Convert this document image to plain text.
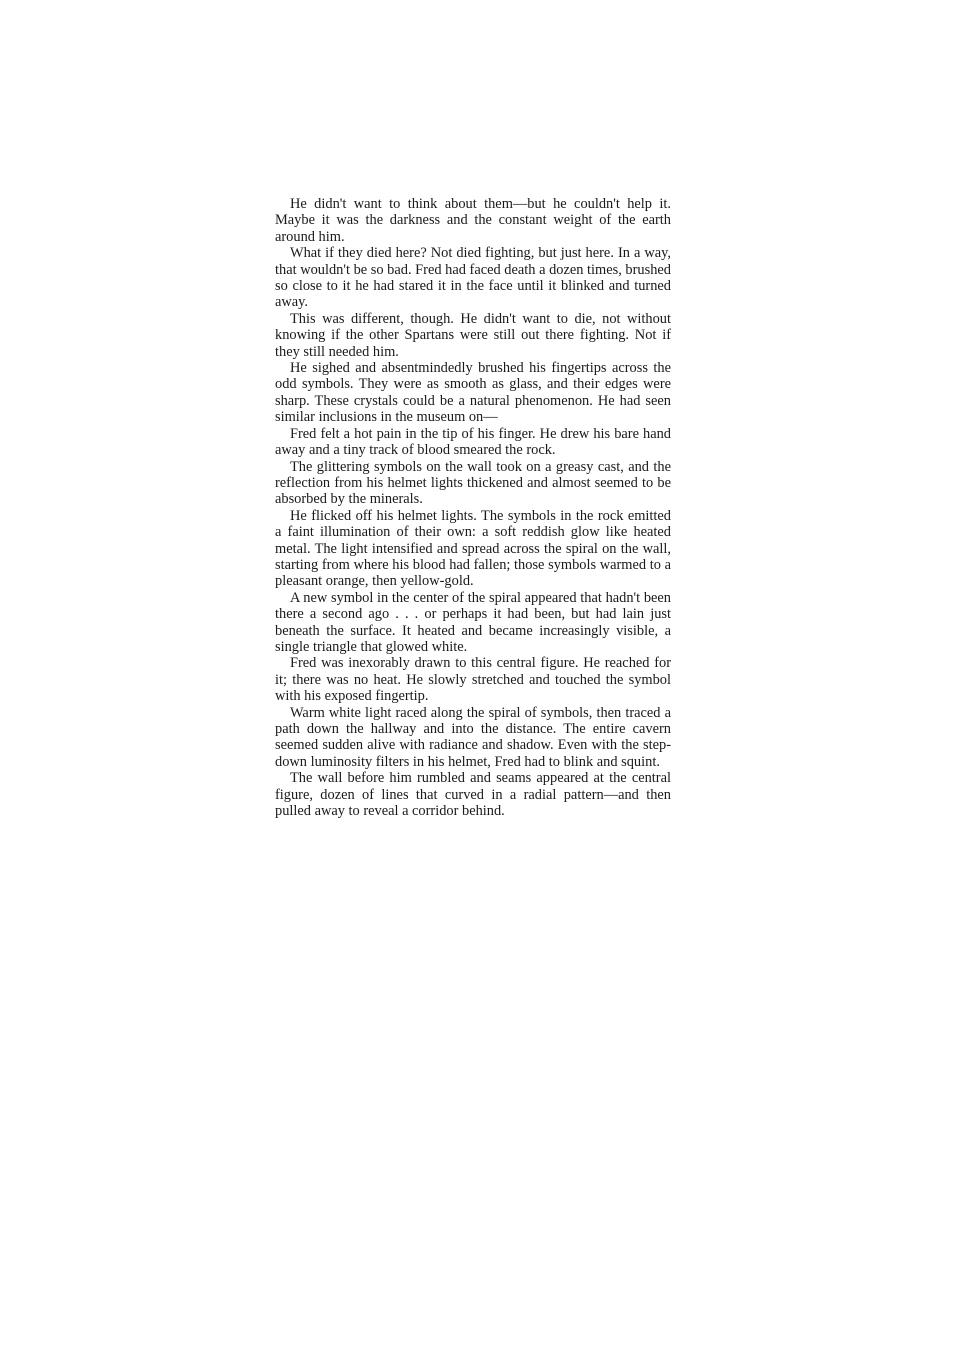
He didn't want to think about them—but he couldn't help it. Maybe it was the darkness and the constant weight of the earth around him.

What if they died here? Not died fighting, but just here. In a way, that wouldn't be so bad. Fred had faced death a dozen times, brushed so close to it he had stared it in the face until it blinked and turned away.

This was different, though. He didn't want to die, not without knowing if the other Spartans were still out there fighting. Not if they still needed him.

He sighed and absentmindedly brushed his fingertips across the odd symbols. They were as smooth as glass, and their edges were sharp. These crystals could be a natural phenomenon. He had seen similar inclusions in the museum on—

Fred felt a hot pain in the tip of his finger. He drew his bare hand away and a tiny track of blood smeared the rock.

The glittering symbols on the wall took on a greasy cast, and the reflection from his helmet lights thickened and almost seemed to be absorbed by the minerals.

He flicked off his helmet lights. The symbols in the rock emitted a faint illumination of their own: a soft reddish glow like heated metal. The light intensified and spread across the spiral on the wall, starting from where his blood had fallen; those symbols warmed to a pleasant orange, then yellow-gold.

A new symbol in the center of the spiral appeared that hadn't been there a second ago . . . or perhaps it had been, but had lain just beneath the surface. It heated and became increasingly visible, a single triangle that glowed white.

Fred was inexorably drawn to this central figure. He reached for it; there was no heat. He slowly stretched and touched the symbol with his exposed fingertip.

Warm white light raced along the spiral of symbols, then traced a path down the hallway and into the distance. The entire cavern seemed sudden alive with radiance and shadow. Even with the step-down luminosity filters in his helmet, Fred had to blink and squint.

The wall before him rumbled and seams appeared at the central figure, dozen of lines that curved in a radial pattern—and then pulled away to reveal a corridor behind.
